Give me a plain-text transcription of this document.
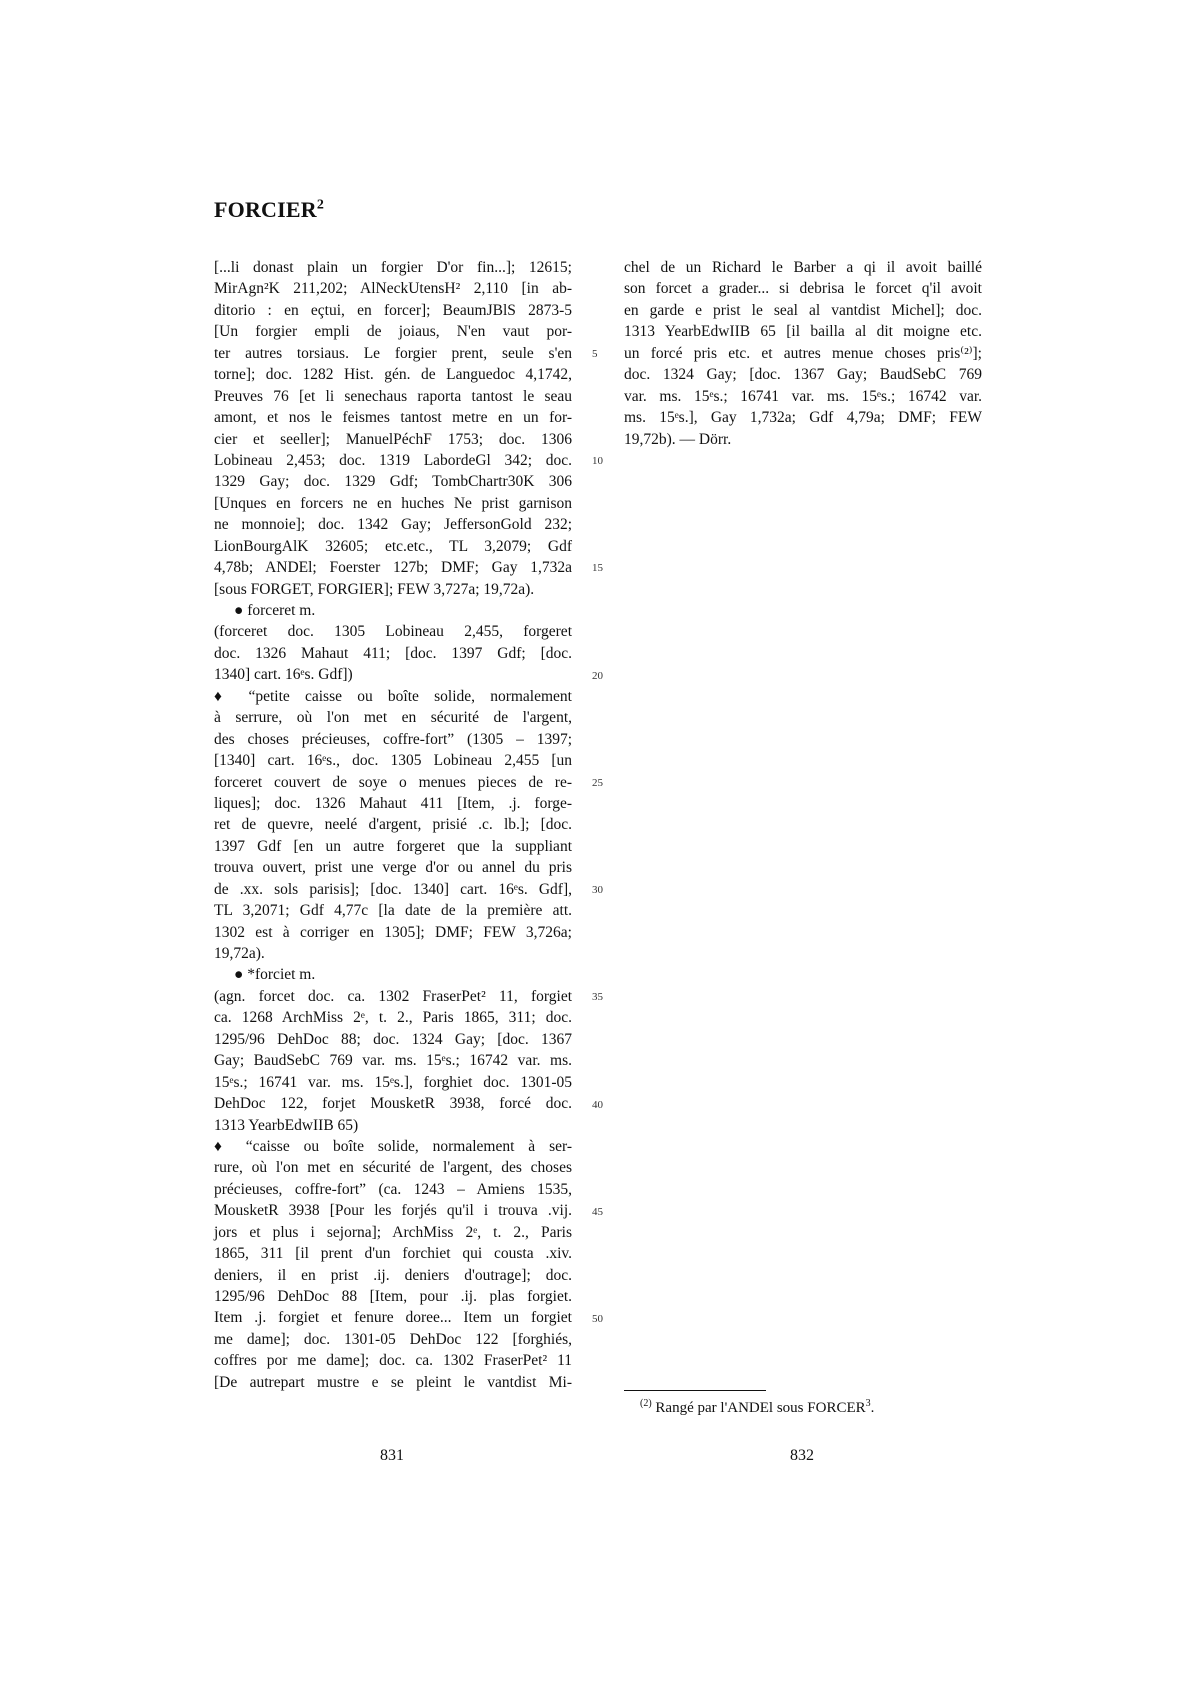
FORCIER$^2$
[...li donast plain un forgier D'or fin...]; 12615;
MirAgn²K 211,202; AlNeckUtensH² 2,110 [in ab-
ditorio : en eçtui, en forcer]; BeaumJBlS 2873-5
[Un forgier empli de joiaus, N'en vaut por-
ter autres torsiaus. Le forgier prent, seule s'en
torne]; doc. 1282 Hist. gén. de Languedoc 4,1742,
Preuves 76 [et li senechaus raporta tantost le seau
amont, et nos le feismes tantost metre en un for-
cier et seeller]; ManuelPéchF 1753; doc. 1306
Lobineau 2,453; doc. 1319 LabordeGl 342; doc.
1329 Gay; doc. 1329 Gdf; TombChartr30K 306
[Unques en forcers ne en huches Ne prist garnison
ne monnoie]; doc. 1342 Gay; JeffersonGold 232;
LionBourgAlK 32605; etc.etc., TL 3,2079; Gdf
4,78b; ANDEl; Foerster 127b; DMF; Gay 1,732a
[sous FORGET, FORGIER]; FEW 3,727a; 19,72a).
● forceret m.
(forceret doc. 1305 Lobineau 2,455, forgeret
doc. 1326 Mahaut 411; [doc. 1397 Gdf; [doc.
1340] cart. 16ᵉs. Gdf])
♦ “petite caisse ou boîte solide, normalement
à serrure, où l'on met en sécurité de l'argent,
des choses précieuses, coffre-fort” (1305 – 1397;
[1340] cart. 16ᵉs., doc. 1305 Lobineau 2,455 [un
forceret couvert de soye o menues pieces de re-
liques]; doc. 1326 Mahaut 411 [Item, .j. forge-
ret de quevre, neelé d'argent, prisié .c. lb.]; [doc.
1397 Gdf [en un autre forgeret que la suppliant
trouva ouvert, prist une verge d'or ou annel du pris
de .xx. sols parisis]; [doc. 1340] cart. 16ᵉs. Gdf],
TL 3,2071; Gdf 4,77c [la date de la première att.
1302 est à corriger en 1305]; DMF; FEW 3,726a;
19,72a).
● *forciet m.
(agn. forcet doc. ca. 1302 FraserPet² 11, forgiet
ca. 1268 ArchMiss 2ᵉ, t. 2., Paris 1865, 311; doc.
1295/96 DehDoc 88; doc. 1324 Gay; [doc. 1367
Gay; BaudSebC 769 var. ms. 15ᵉs.; 16742 var. ms.
15ᵉs.; 16741 var. ms. 15ᵉs.], forghiet doc. 1301-05
DehDoc 122, forjet MousketR 3938, forcé doc.
1313 YearbEdwIIB 65)
♦ “caisse ou boîte solide, normalement à ser-
rure, où l'on met en sécurité de l'argent, des choses
précieuses, coffre-fort” (ca. 1243 – Amiens 1535,
MousketR 3938 [Pour les forjés qu'il i trouva .vij.
jors et plus i sejorna]; ArchMiss 2ᵉ, t. 2., Paris
1865, 311 [il prent d'un forchiet qui cousta .xiv.
deniers, il en prist .ij. deniers d'outrage]; doc.
1295/96 DehDoc 88 [Item, pour .ij. plas forgiet.
Item .j. forgiet et fenure doree... Item un forgiet
me dame]; doc. 1301-05 DehDoc 122 [forghiés,
coffres por me dame]; doc. ca. 1302 FraserPet² 11
[De autrepart mustre e se pleint le vantdist Mi-
chel de un Richard le Barber a qi il avoit baillé
son forcet a grader... si debrisa le forcet q'il avoit
en garde e prist le seal al vantdist Michel]; doc.
1313 YearbEdwIIB 65 [il bailla al dit moigne etc.
un forcé pris etc. et autres menue choses pris⁽²⁾];
doc. 1324 Gay; [doc. 1367 Gay; BaudSebC 769
var. ms. 15ᵉs.; 16741 var. ms. 15ᵉs.; 16742 var.
ms. 15ᵉs.], Gay 1,732a; Gdf 4,79a; DMF; FEW
19,72b). — Dörr.
5
10
15
20
25
30
35
40
45
50
$^{(2)}$ Rangé par l'ANDEl sous FORCER$^3$.
831	832
